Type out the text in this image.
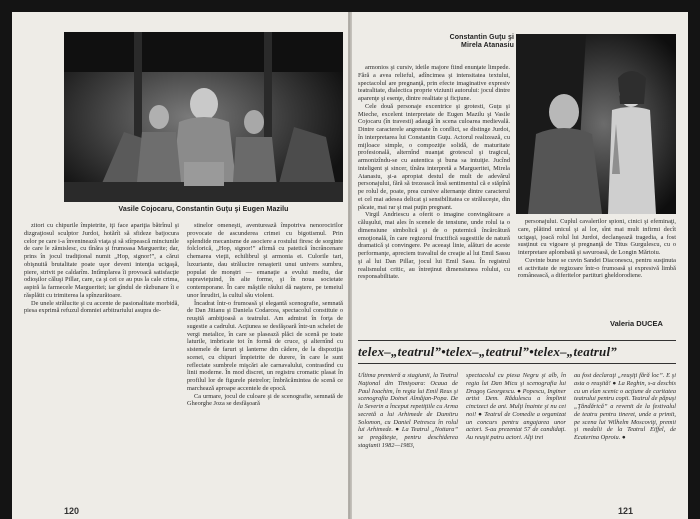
Vasile Cojocaru, Constantin Guţu şi Eugen Mazilu

zitori cu chipurile împietrite, iţi face apariţia bătrînul şi dizgraţiosul sculptor Jurdoi, hotărît să sfideze batjocura celor pe care i-a înveninează viaţa şi să stîrpească minciunile de care le zămislesc, cu tînăra şi frumoasa Marguerite; dar, prins în jocul tradiţional numit „Hop, signor!”, a cărui obişnuită brutalitate poate uşor deveni intenţia ucigaşă, piere, strivit pe caldarîm. Intîmplarea îi provoacă satisfacţie odioşilor căluşi Pillar, care, ca şi cei ce au pus la cale crima, aspiră la farmecele Margueritei; iar gîndul de răzbunare îi e răsplătit cu trimiterea la spînzurătoare.

De unele strălucite şi cu accente de pasionalitate morbidă, piesa exprimă refuzul domniei arbitrariului asupra de-

stinelor omeneşti, aventurează împotriva nenorocirilor provocate de ascunderea crimei cu bigotismul. Prin splendide mecanisme de asociere a rostului firesc de sorginte folclorică, „Hop, signor!” afirmă cu patetică încrâncenare chemarea vieţii, echilibrul şi armonia ei. Culorile tari, luxuriante, dau strălucire renaşterii unui univers sumbru, populat de monştri — emanaţie a evului mediu, dar supravieţuind, în alte forme, şi în noua societate contemporane. În care măştile răului dă naştere, pe temeiul unor înrudiri, la cultul său violent.

Încadrat într-o frumoasă şi elegantă scenografie, semnată de Dan Jitianu şi Daniela Codarcea, spectacolul constituie o reuşită ambiţioasă a teatrului. Am admirat în forţa de sugestie a cadrului. Acţiunea se desfăşoară într-un schelet de vergi metalice, în care se plasează plăci de scenă pe toate laturile, imbricate tot în formă de cruce, şi alternînd cu sistemele de faruri şi lanterne din cădere, de la dispoziţia scenei, cu chipuri împietrite de durere, în care le sunt reflectate sumbrele mişcări ale carnavalului, contrastînd cu linii moderne. În mod discret, un registru cromatic plasat în profilul lor de figurele pietrelor; îmbrăcămintea de scenă ce marchează aproape accentele de epocă.

Ca urmare, jocul de culoare şi de scenografie, semnată de Gheorghe Joza se desfăşoară

120
Constantin Guţu şi
Mirela Atanasiu

armonios şi cursiv, ideile majore fiind enunţate limpede. Fără a avea relieful, adîncimea şi intensitatea textului, spectacolul are pregnanţă, prin efecte imaginative expresiv teatralitate, dialectica proprie viziunii autorului: jocul dintre aparenţe şi esenţe, dintre realitate şi ficţiune.

Cele două personaje excentrice şi grotesti, Guţu şi Mieche, excelent interpretate de Eugen Mazilu şi Vasile Cojocaru (în travesti) adaugă în scena culoarea medievală. Dintre caracterele angrenate în conflict, se distinge Jurdoi, în interpretarea lui Constantin Guţu. Actorul realizează, cu mijloace simple, o compoziţie solidă, de maturitate profesională, alternînd nuanţat grotescul şi tragicul, armonizîndu-se cu autentica şi buna sa intuiţie. Jucînd inteligent şi sincer, tînăra interpretă a Margueritei, Mirela Atanasiu, şi-a apropiat destul de mult de adevărul personajului, fără să trezească însă sentimentul că e stăpînă pe rolul de, poate, prea cursive alternanţe dintre caracterul ei cel mai adesea delicat şi sensibilitatea ce străluceşte, din păcate, mai rar şi mai puţin pregnant.

Virgil Andriescu a oferit o imagine convingătoare a căluşului, mai ales în scenele de tensiune, unde rolul ia o dimensiune simbolică şi de o puternică încărcătură emoţională, în care regizorul fructifică sugestiile de natură dramatică şi convingere. Pe aceeaşi linie, alături de aceste performanţe, apreciem travaliul de creaţie al lui Emil Sassu şi al lui Dan Pillar, jocul lui Emil Sasu. În registrul realismului critic, au întreţinut dimensiunea rolului, cu responsabilitate.

personajului. Cuplul cavalerilor spioni, cinici şi efeminaţi, care, plătind unicul şi al lor, sînt mai mult infirmi decît ucigaşi, joacă rolul lui Jurdoi, declanşează tragedia, a fost susţinut cu vigoare şi pregnanţă de Titus Gurgulescu, cu o interpretare aplombată şi savuroasă, de Longin Mărtoiu.

Cuvinte bune se cuvin Sandei Diaconescu, pentru susţinuta ei activitate de regizoare într-o frumoasă şi expresivă limbă românească, a diferitelor partituri gheldorodiene.

Valeria DUCEA
telex–„teatrul”•telex–„teatrul”•telex–„teatrul”
Ultima premieră a stagiunii, la Teatrul Naţional din Timişoara: Ocaua de Paul Ioachim, în regia lui Emil Reus şi scenografia Doinei Almăjan-Popa. De la Severin a început repetiţiile cu Arma secretă a lui Arhimede de Dumitru Solomon, cu Daniel Petrescu în rolul lui Arhimede. ● La Teatrul „Nottara” se pregăteşte, pentru deschiderea stagiunii 1982—1983,
spectacolul cu piesa Negru şi alb, în regia lui Dan Micu şi scenografia lui Dragoş Georgescu. ● Popescu, Inginer artist Dem. Rădulescu a împlinit cincizeci de ani. Mulţi înainte şi nu cei noi! ● Teatrul de Comedie a organizat un concurs pentru angajarea unor actori. S-au prezentat 57 de candidaţi. Au reuşit patru actori. Alţi trei
au fost declaraţi „reuşiţi fără loc”. E şi asta o reuşită! ● La Reghin, s-a deschis cu un elan scenic o acţiune de caritatea teatrului pentru copii. Teatrul de păpuşi „Ţăndărică” a revenit de la festivalul de teatru pentru tineret, unde a primit, pe scena lui Wilhelm Moscoviţi, premii şi medalii de la Teatrul Eiffel, de Ecaterina Oproiu. ●
121
